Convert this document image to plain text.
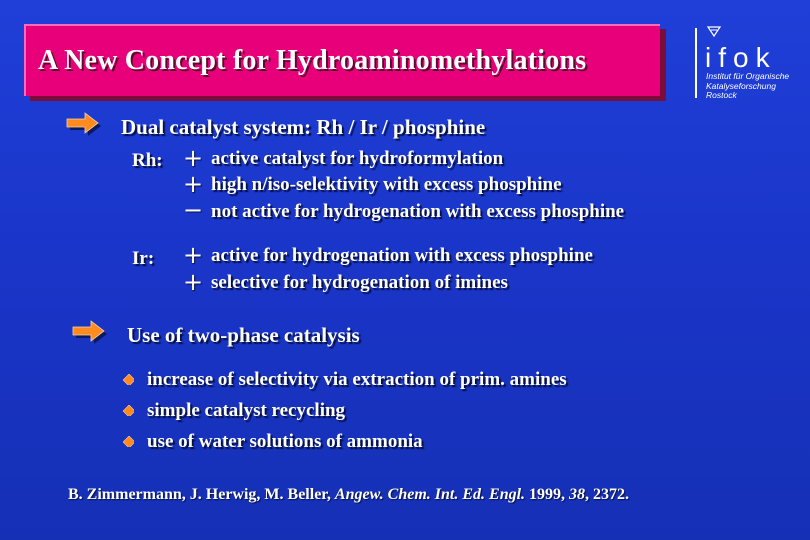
A New Concept for Hydroaminomethylations	ifok
Institut für Organische
Katalyseforschung
Rostock
Dual catalyst system: Rh / Ir / phosphine
Rh: + active catalyst for hydroformylation
+ high n/iso-selektivity with excess phosphine
− not active for hydrogenation with excess phosphine
Ir: + active for hydrogenation with excess phosphine
+ selective for hydrogenation of imines
Use of two-phase catalysis
increase of selectivity via extraction of prim. amines
simple catalyst recycling
use of water solutions of ammonia
B. Zimmermann, J. Herwig, M. Beller, Angew. Chem. Int. Ed. Engl. 1999, 38, 2372.
